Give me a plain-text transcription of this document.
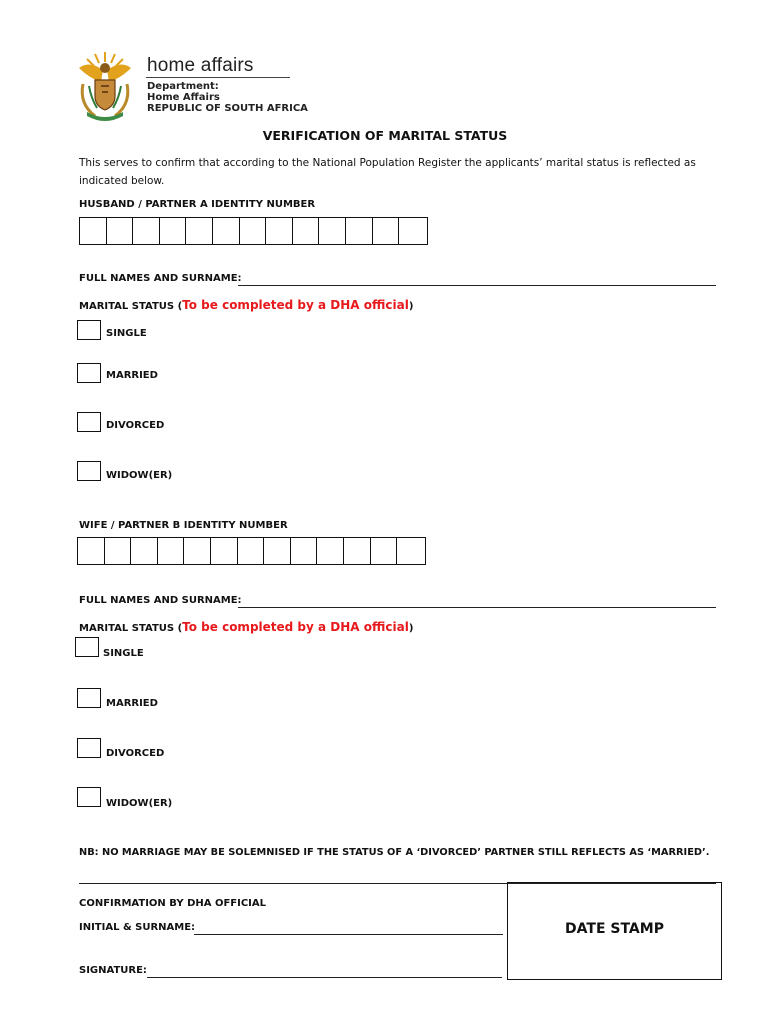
home affairs
Department:
Home Affairs
REPUBLIC OF SOUTH AFRICA
VERIFICATION OF MARITAL STATUS
This serves to confirm that according to the National Population Register the applicants’ marital status is reflected as indicated below.
HUSBAND / PARTNER A IDENTITY NUMBER
FULL NAMES AND SURNAME:
MARITAL STATUS (To be completed by a DHA official)
SINGLE
MARRIED
DIVORCED
WIDOW(ER)
WIFE / PARTNER B IDENTITY NUMBER
FULL NAMES AND SURNAME:
MARITAL STATUS (To be completed by a DHA official)
SINGLE
MARRIED
DIVORCED
WIDOW(ER)
NB: NO MARRIAGE MAY BE SOLEMNISED IF THE STATUS OF A ‘DIVORCED’ PARTNER STILL REFLECTS AS ‘MARRIED’.
CONFIRMATION BY DHA OFFICIAL
INITIAL & SURNAME:
SIGNATURE:
DATE STAMP
